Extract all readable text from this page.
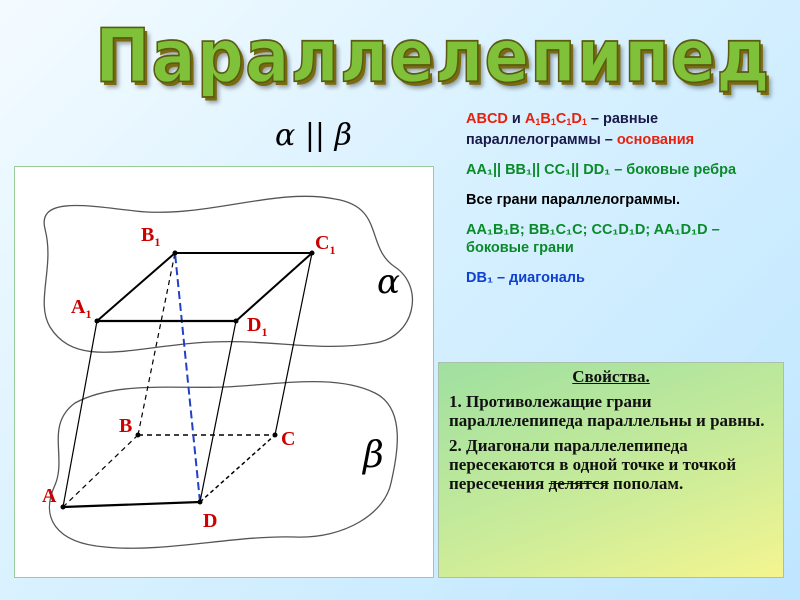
Параллелепипед
α || β	ABCD и $A_1B_1C_1D_1$ – равные параллелограммы – основания

AA₁|| BB₁|| CC₁|| DD₁ – боковые ребра

Все грани параллелограммы.

AA₁B₁B; BB₁C₁C; CC₁D₁D; AA₁D₁D – боковые грани

DB₁ – диагональ

A
B
C
D
$A_1$
$B_1$	$C_1$
$D_1$
α
β

Свойства.

1. Противолежащие грани параллелепипеда параллельны и равны.

2. Диагонали параллелепипеда пересекаются в одной точке и точкой пересечения делятся пополам.
